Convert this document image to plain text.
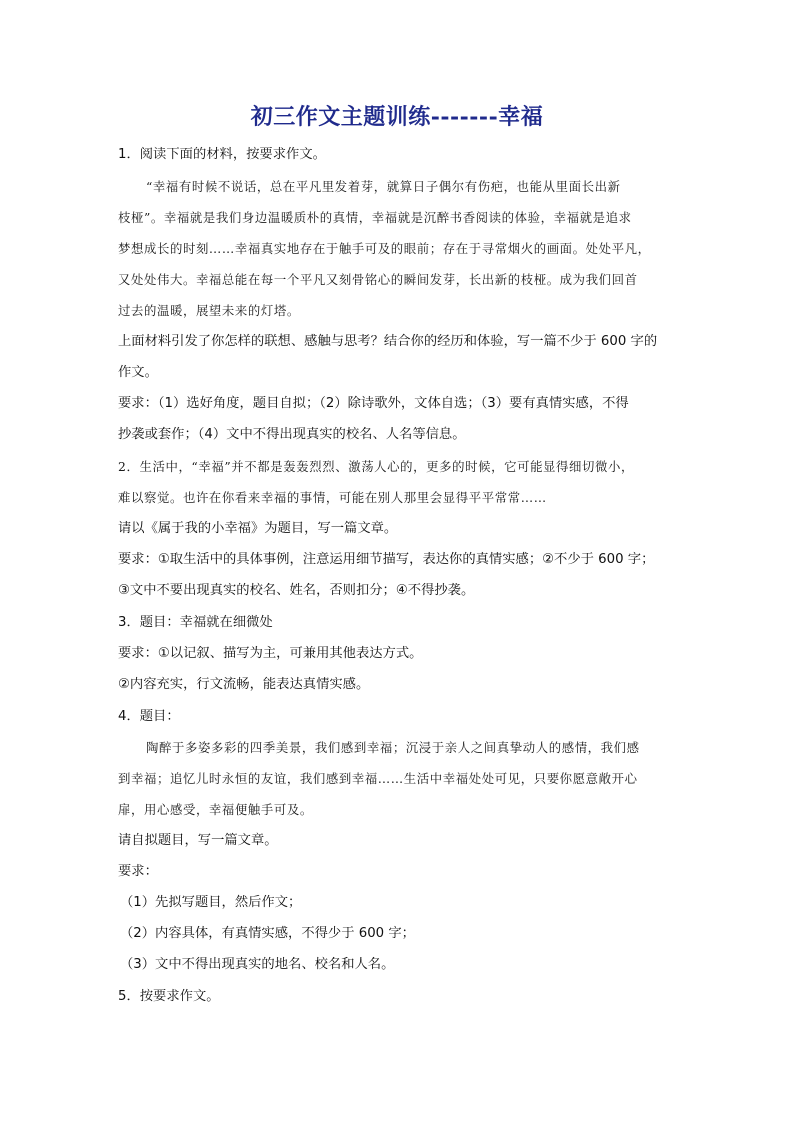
初三作文主题训练-------幸福
1．阅读下面的材料，按要求作文。
“幸福有时候不说话，总在平凡里发着芽，就算日子偶尔有伤疤，也能从里面长出新
枝桠”。幸福就是我们身边温暖质朴的真情，幸福就是沉醉书香阅读的体验，幸福就是追求
梦想成长的时刻……幸福真实地存在于触手可及的眼前；存在于寻常烟火的画面。处处平凡，
又处处伟大。幸福总能在每一个平凡又刻骨铭心的瞬间发芽，长出新的枝桠。成为我们回首
过去的温暖，展望未来的灯塔。
上面材料引发了你怎样的联想、感触与思考？结合你的经历和体验，写一篇不少于 600 字的
作文。
要求：（1）选好角度，题目自拟；（2）除诗歌外，文体自选；（3）要有真情实感，不得
抄袭或套作；（4）文中不得出现真实的校名、人名等信息。
2．生活中，“幸福”并不都是轰轰烈烈、激荡人心的，更多的时候，它可能显得细切微小，
难以察觉。也许在你看来幸福的事情，可能在别人那里会显得平平常常……
请以《属于我的小幸福》为题目，写一篇文章。
要求：①取生活中的具体事例，注意运用细节描写，表达你的真情实感；②不少于 600 字；
③文中不要出现真实的校名、姓名，否则扣分；④不得抄袭。
3．题目：幸福就在细微处
要求：①以记叙、描写为主，可兼用其他表达方式。
②内容充实，行文流畅，能表达真情实感。
4．题目：
陶醉于多姿多彩的四季美景，我们感到幸福；沉浸于亲人之间真挚动人的感情，我们感
到幸福；追忆儿时永恒的友谊，我们感到幸福……生活中幸福处处可见，只要你愿意敞开心
扉，用心感受，幸福便触手可及。
请自拟题目，写一篇文章。
要求：
（1）先拟写题目，然后作文；
（2）内容具体，有真情实感，不得少于 600 字；
（3）文中不得出现真实的地名、校名和人名。
5．按要求作文。
